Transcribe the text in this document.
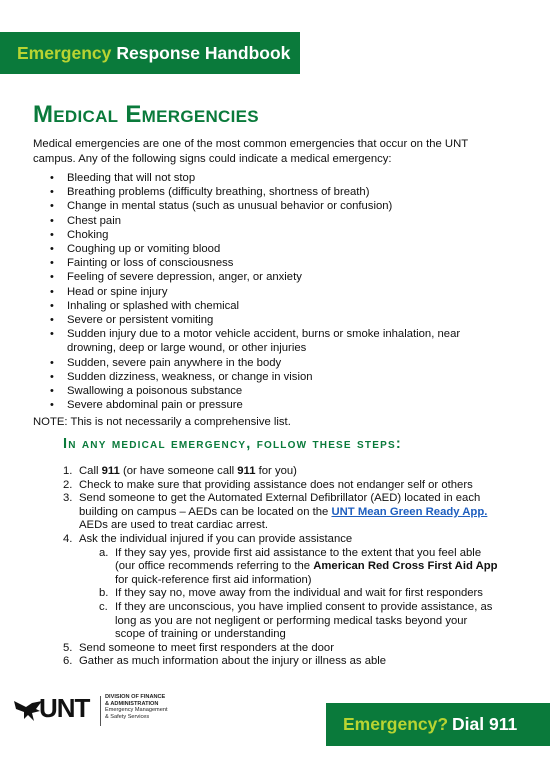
Emergency Response Handbook
Medical Emergencies

Medical emergencies are one of the most common emergencies that occur on the UNT campus. Any of the following signs could indicate a medical emergency:

• Bleeding that will not stop
• Breathing problems (difficulty breathing, shortness of breath)
• Change in mental status (such as unusual behavior or confusion)
• Chest pain
• Choking
• Coughing up or vomiting blood
• Fainting or loss of consciousness
• Feeling of severe depression, anger, or anxiety
• Head or spine injury
• Inhaling or splashed with chemical
• Severe or persistent vomiting
• Sudden injury due to a motor vehicle accident, burns or smoke inhalation, near drowning, deep or large wound, or other injuries
• Sudden, severe pain anywhere in the body
• Sudden dizziness, weakness, or change in vision
• Swallowing a poisonous substance
• Severe abdominal pain or pressure

NOTE: This is not necessarily a comprehensive list.

In any medical emergency, follow these steps:
1. Call 911 (or have someone call 911 for you)
2. Check to make sure that providing assistance does not endanger self or others
3. Send someone to get the Automated External Defibrillator (AED) located in each building on campus – AEDs can be located on the UNT Mean Green Ready App. AEDs are used to treat cardiac arrest.
4. Ask the individual injured if you can provide assistance
a. If they say yes, provide first aid assistance to the extent that you feel able (our office recommends referring to the American Red Cross First Aid App for quick-reference first aid information)
b. If they say no, move away from the individual and wait for first responders
c. If they are unconscious, you have implied consent to provide assistance, as long as you are not negligent or performing medical tasks beyond your scope of training or understanding
5. Send someone to meet first responders at the door
6. Gather as much information about the injury or illness as able
UNT	DIVISION OF FINANCE
& ADMINISTRATION
Emergency Management
& Safety Services	Emergency? Dial 911
